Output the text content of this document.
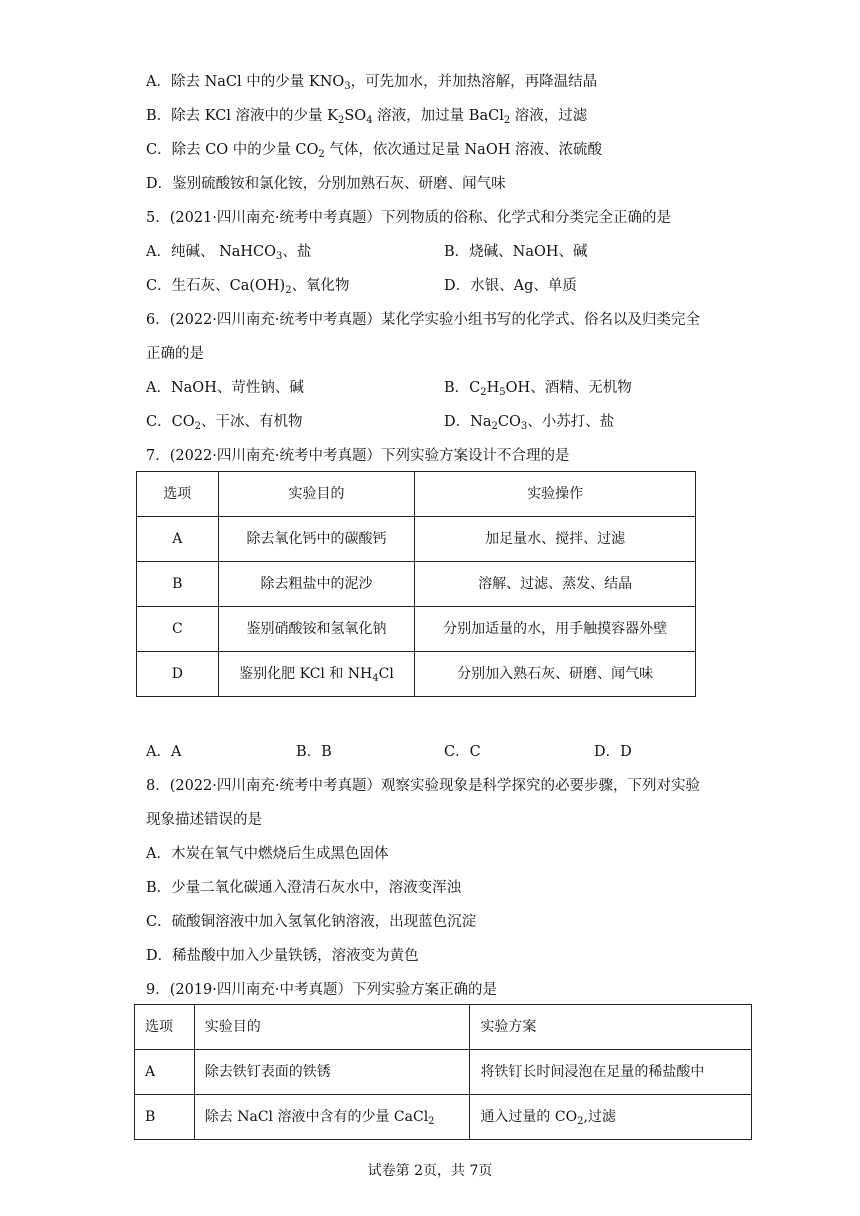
A．除去 NaCl 中的少量 $KNO_3$，可先加水，并加热溶解，再降温结晶
B．除去 KCl 溶液中的少量 $K_2SO_4$ 溶液，加过量 BaCl$_2$ 溶液，过滤
C．除去 CO 中的少量 $CO_2$ 气体，依次通过足量 NaOH 溶液、浓硫酸
D．鉴别硫酸铵和氯化铵，分别加熟石灰、研磨、闻气味
5．(2021·四川南充·统考中考真题）下列物质的俗称、化学式和分类完全正确的是
A．纯碱、 NaHCO$_3$、盐	B．烧碱、NaOH、碱
C．生石灰、$Ca(OH)_2$、氧化物	D．水银、Ag、单质
6．(2022·四川南充·统考中考真题）某化学实验小组书写的化学式、俗名以及归类完全
正确的是
A．NaOH、苛性钠、碱	B．$C_2H_5OH$、酒精、无机物
C．$CO_2$、干冰、有机物	D．$Na_2CO_3$、小苏打、盐
7．(2022·四川南充·统考中考真题）下列实验方案设计不合理的是
选项	实验目的	实验操作
A	除去氧化钙中的碳酸钙	加足量水、搅拌、过滤
B	除去粗盐中的泥沙	溶解、过滤、蒸发、结晶
C	鉴别硝酸铵和氢氧化钠	分别加适量的水，用手触摸容器外壁
D	鉴别化肥 KCl 和 $NH_4Cl$	分别加入熟石灰、研磨、闻气味
A．A	B．B	C．C	D．D
8．(2022·四川南充·统考中考真题）观察实验现象是科学探究的必要步骤，下列对实验
现象描述错误的是
A．木炭在氧气中燃烧后生成黑色固体
B．少量二氧化碳通入澄清石灰水中，溶液变浑浊
C．硫酸铜溶液中加入氢氧化钠溶液，出现蓝色沉淀
D．稀盐酸中加入少量铁锈，溶液变为黄色
9．(2019·四川南充·中考真题）下列实验方案正确的是
选项	实验目的	实验方案
A	除去铁钉表面的铁锈	将铁钉长时间浸泡在足量的稀盐酸中
B	除去 NaCl 溶液中含有的少量 CaCl$_2$	通入过量的 $CO_2$,过滤
试卷第 2页，共 7页
